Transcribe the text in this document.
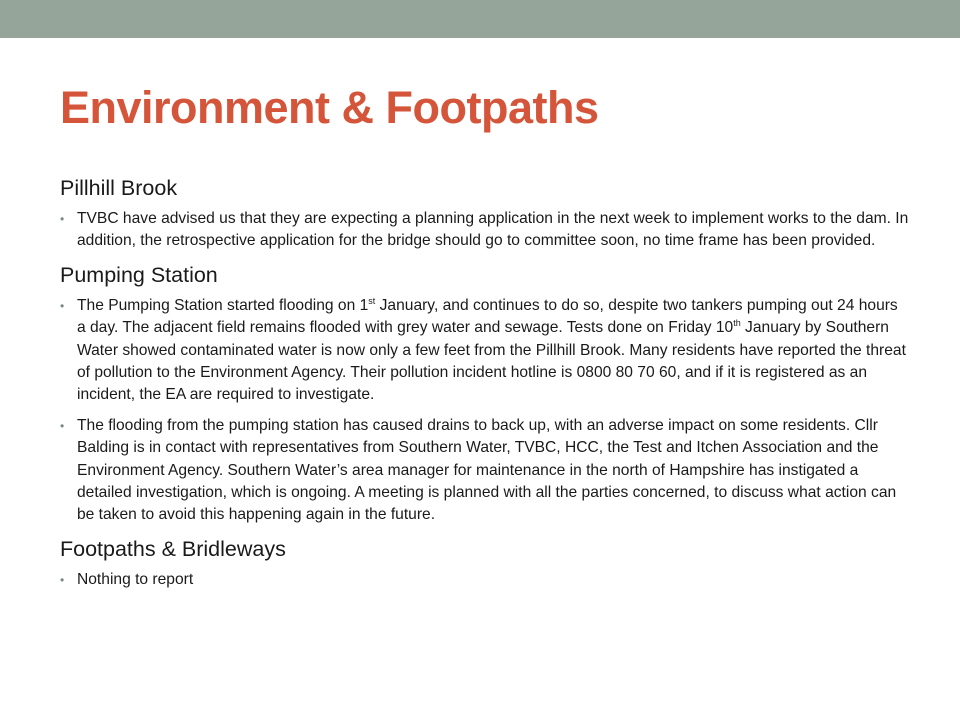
Environment & Footpaths
Pillhill Brook
• TVBC have advised us that they are expecting a planning application in the next week to implement works to the dam. In addition, the retrospective application for the bridge should go to committee soon, no time frame has been provided.
Pumping Station
• The Pumping Station started flooding on 1st January, and continues to do so, despite two tankers pumping out 24 hours a day. The adjacent field remains flooded with grey water and sewage. Tests done on Friday 10th January by Southern Water showed contaminated water is now only a few feet from the Pillhill Brook. Many residents have reported the threat of pollution to the Environment Agency. Their pollution incident hotline is 0800 80 70 60, and if it is registered as an incident, the EA are required to investigate.
• The flooding from the pumping station has caused drains to back up, with an adverse impact on some residents. Cllr Balding is in contact with representatives from Southern Water, TVBC, HCC, the Test and Itchen Association and the Environment Agency. Southern Water’s area manager for maintenance in the north of Hampshire has instigated a detailed investigation, which is ongoing. A meeting is planned with all the parties concerned, to discuss what action can be taken to avoid this happening again in the future.
Footpaths & Bridleways
• Nothing to report
